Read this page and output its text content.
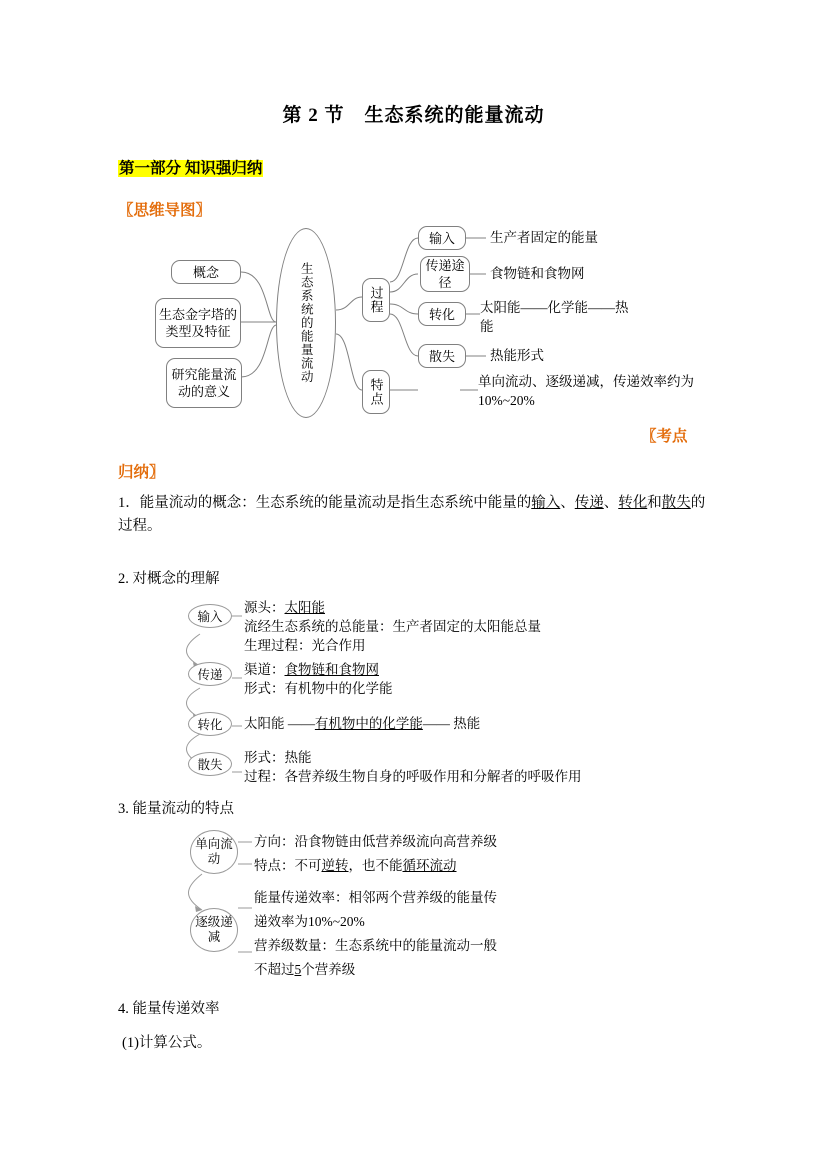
第 2 节　生态系统的能量流动
第一部分 知识强归纳
〖思维导图〗
概念
生态金字塔的类型及特征
研究能量流动的意义
生态系统的能量流动	过程
特点
输入	生产者固定的能量
传递途径
食物链和食物网
转化	太阳能——化学能——热能
散失	热能形式
单向流动、逐级递减，传递效率约为10%~20%
〖考点
归纳〗
1．能量流动的概念：生态系统的能量流动是指生态系统中能量的输入、传递、转化和散失的过程。
2. 对概念的理解
输入
源头：太阳能
流经生态系统的总能量：生产者固定的太阳能总量
生理过程：光合作用
传递	渠道：食物链和食物网
形式：有机物中的化学能
转化	太阳能 ——有机物中的化学能—— 热能
散失	形式：热能
过程：各营养级生物自身的呼吸作用和分解者的呼吸作用
3. 能量流动的特点
单向流动
方向：沿食物链由低营养级流向高营养级
特点：不可逆转，也不能循环流动
逐级递减
能量传递效率：相邻两个营养级的能量传
递效率为10%~20%
营养级数量：生态系统中的能量流动一般
不超过5个营养级
4. 能量传递效率
(1)计算公式。
